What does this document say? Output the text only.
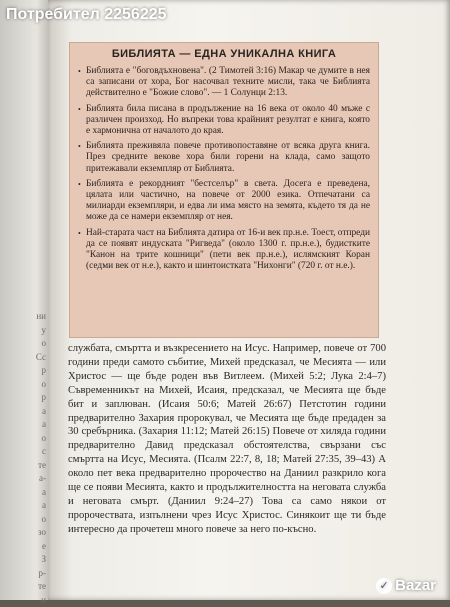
ни
у
о
Сс
р
о
р
а
а
о
с
те
а-
а
а
о
зо
е
З
р-
те
и
БИБЛИЯТА — ЕДНА УНИКАЛНА КНИГА
• Библията е "боговдъхновена". (2 Тимотей 3:16) Макар че думите в нея са записани от хора, Бог насочвал техните мисли, така че Библията действително е "Божие слово". — 1 Солунци 2:13.
• Библията била писана в продължение на 16 века от около 40 мъже с различен произход. Но въпреки това крайният резултат е книга, която е хармонична от началото до края.
• Библията преживяла повече противопоставяне от всяка друга книга. През средните векове хора били горени на клада, само защото притежавали екземпляр от Библията.
• Библията е рекордният "бестселър" в света. Досега е преведена, цялата или частично, на повече от 2000 езика. Отпечатани са милиарди екземпляри, и едва ли има място на земята, където тя да не може да се намери екземпляр от нея.
• Най-старата част на Библията датира от 16-и век пр.н.е. Тоест, отпреди да се появят индуската "Ригведа" (около 1300 г. пр.н.е.), будистките "Канон на трите кошници" (пети век пр.н.е.), ислямският Коран (седми век от н.е.), както и шинтоистката "Нихонги" (720 г. от н.е.).

службата, смъртта и възкресението на Исус. Например, повече от 700 години преди самото събитие, Михей предсказал, че Месията — или Христос — ще бъде роден във Витлеем. (Михей 5:2; Лука 2:4–7) Съвременникът на Михей, Исаия, предсказал, че Месията ще бъде бит и заплюван. (Исаия 50:6; Матей 26:67) Петстотин години предварително Захария пророкувал, че Месията ще бъде предаден за 30 сребърника. (Захария 11:12; Матей 26:15) Повече от хиляда години предварително Давид предсказал обстоятелства, свързани със смъртта на Исус, Месията. (Псалм 22:7, 8, 18; Матей 27:35, 39–43) А около пет века предварително пророчество на Даниил разкрило кога ще се появи Месията, както и продължителността на неговата служба и неговата смърт. (Даниил 9:24–27) Това са само някои от пророчествата, изпълнени чрез Исус Христос. Синякоит ще ти бъде интересно да прочетеш много повече за него по-късно.

Потребител 2256225
✓ Bazar
